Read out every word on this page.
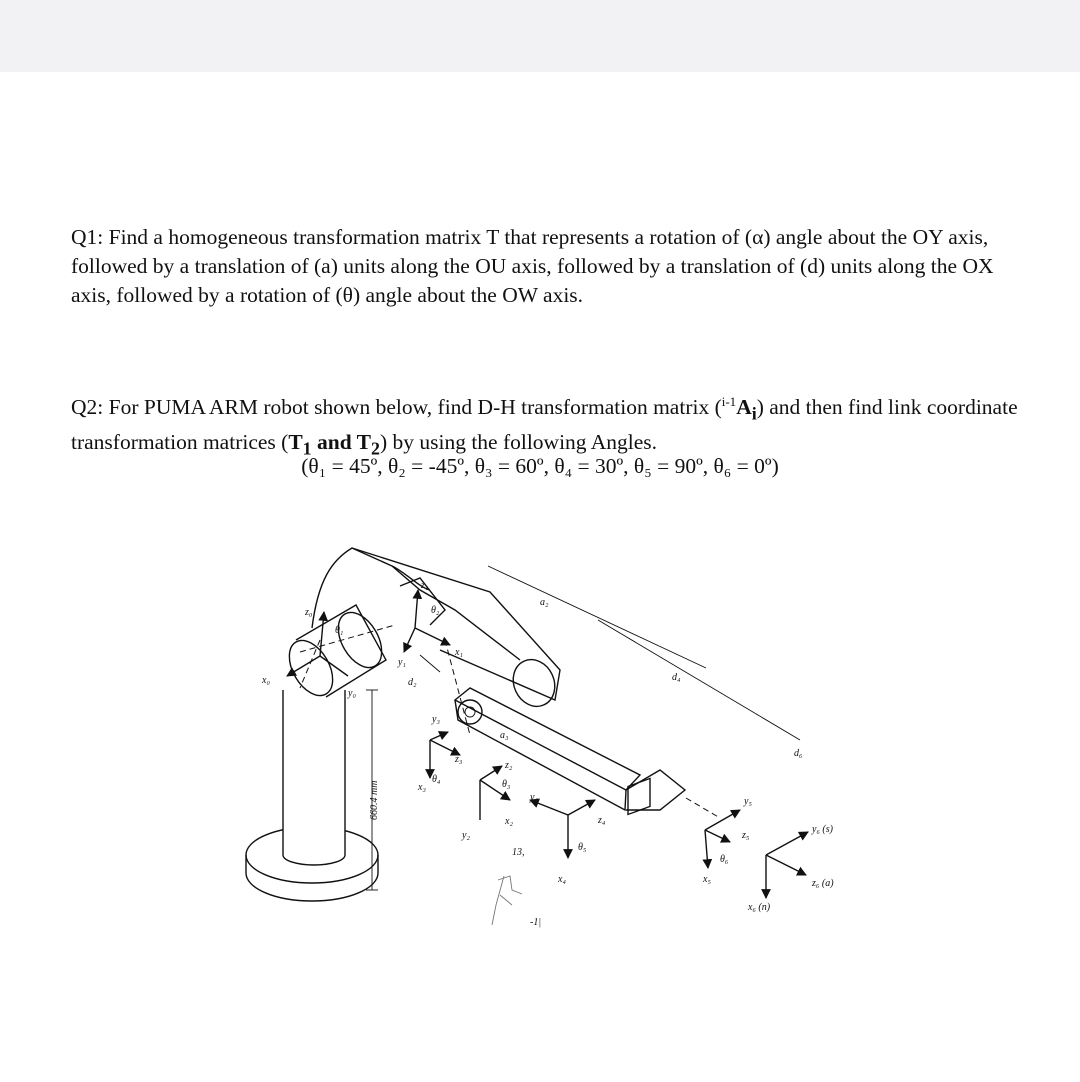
Q1: Find a homogeneous transformation matrix T that represents a rotation of (α) angle about the OY axis, followed by a translation of (a) units along the OU axis, followed by a translation of (d) units along the OX axis, followed by a rotation of (θ) angle about the OW axis.

Q2: For PUMA ARM robot shown below, find D-H transformation matrix $(^{i-1}A_i)$ and then find link coordinate transformation matrices ($T_1$ and $T_2$) by using the following Angles.

(θ₁ = 45º, θ₂ = -45º, θ₃ = 60º, θ₄ = 30º, θ₅ = 90º, θ₆ = 0º)

z₀
x₀
y₀
θ₁
z₁
θ₂
x₁
y₁
d₂
a₂
d₄
d₆
y₃
a₃
z₃
θ₄
x₃
z₂
θ₃
x₂
y₂
y₄
z₄
θ₅
x₄
y₅
z₅
θ₆
x₅
y₆ (s)
z₆ (a)
x₆ (n)
660.4 mm
13,
-1|
